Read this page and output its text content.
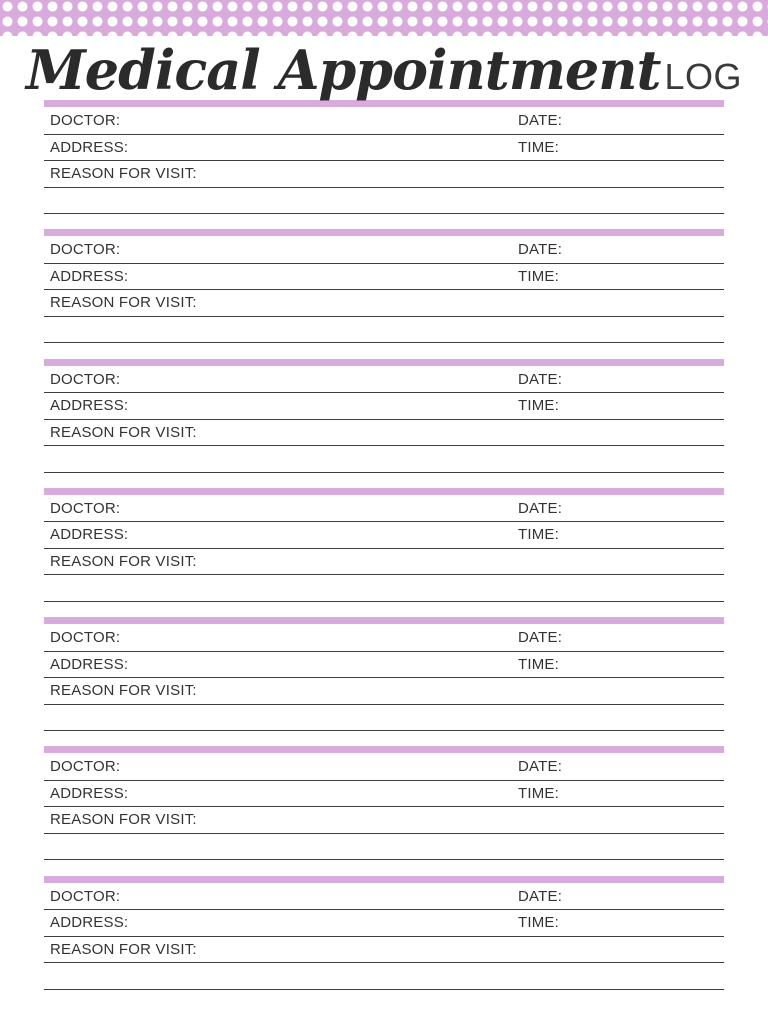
Medical Appointment LOG
DOCTOR:	DATE:
ADDRESS:	TIME:
REASON FOR VISIT:
DOCTOR:	DATE:
ADDRESS:	TIME:
REASON FOR VISIT:
DOCTOR:	DATE:
ADDRESS:	TIME:
REASON FOR VISIT:
DOCTOR:	DATE:
ADDRESS:	TIME:
REASON FOR VISIT:
DOCTOR:	DATE:
ADDRESS:	TIME:
REASON FOR VISIT:
DOCTOR:	DATE:
ADDRESS:	TIME:
REASON FOR VISIT:
DOCTOR:	DATE:
ADDRESS:	TIME:
REASON FOR VISIT:
